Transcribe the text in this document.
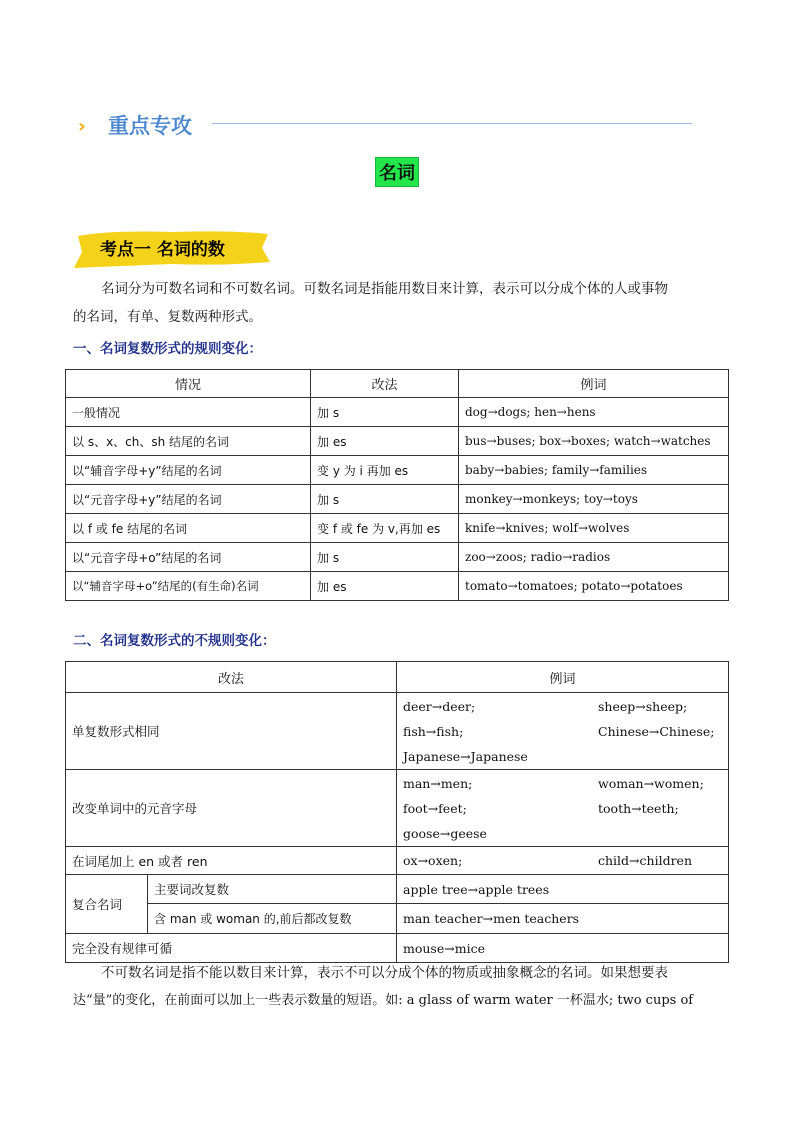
›› 重点专攻
名词
考点一 名词的数
名词分为可数名词和不可数名词。可数名词是指能用数目来计算，表示可以分成个体的人或事物
的名词，有单、复数两种形式。
一、名词复数形式的规则变化：
情况	改法	例词
一般情况	加 s	dog→dogs; hen→hens
以 s、x、ch、sh 结尾的名词	加 es	bus→buses; box→boxes; watch→watches
以“辅音字母+y”结尾的名词	变 y 为 i 再加 es	baby→babies; family→families
以“元音字母+y”结尾的名词	加 s	monkey→monkeys; toy→toys
以 f 或 fe 结尾的名词	变 f 或 fe 为 v,再加 es	knife→knives; wolf→wolves
以“元音字母+o”结尾的名词	加 s	zoo→zoos; radio→radios
以“辅音字母+o”结尾的(有生命)名词	加 es	tomato→tomatoes; potato→potatoes
二、名词复数形式的不规则变化：
改法		例词
单复数形式相同		deer→deer; sheep→sheep;
fish→fish; Chinese→Chinese;
Japanese→Japanese

改变单词中的元音字母		man→men; woman→women;
foot→feet; tooth→teeth;
goose→geese

在词尾加上 en 或者 ren		ox→oxen; child→children

复合名词	主要词改复数	apple tree→apple trees
	含 man 或 woman 的,前后都改复数	man teacher→men teachers
完全没有规律可循		mouse→mice
不可数名词是指不能以数目来计算，表示不可以分成个体的物质或抽象概念的名词。如果想要表
达“量”的变化，在前面可以加上一些表示数量的短语。如: a glass of warm water 一杯温水; two cups of
